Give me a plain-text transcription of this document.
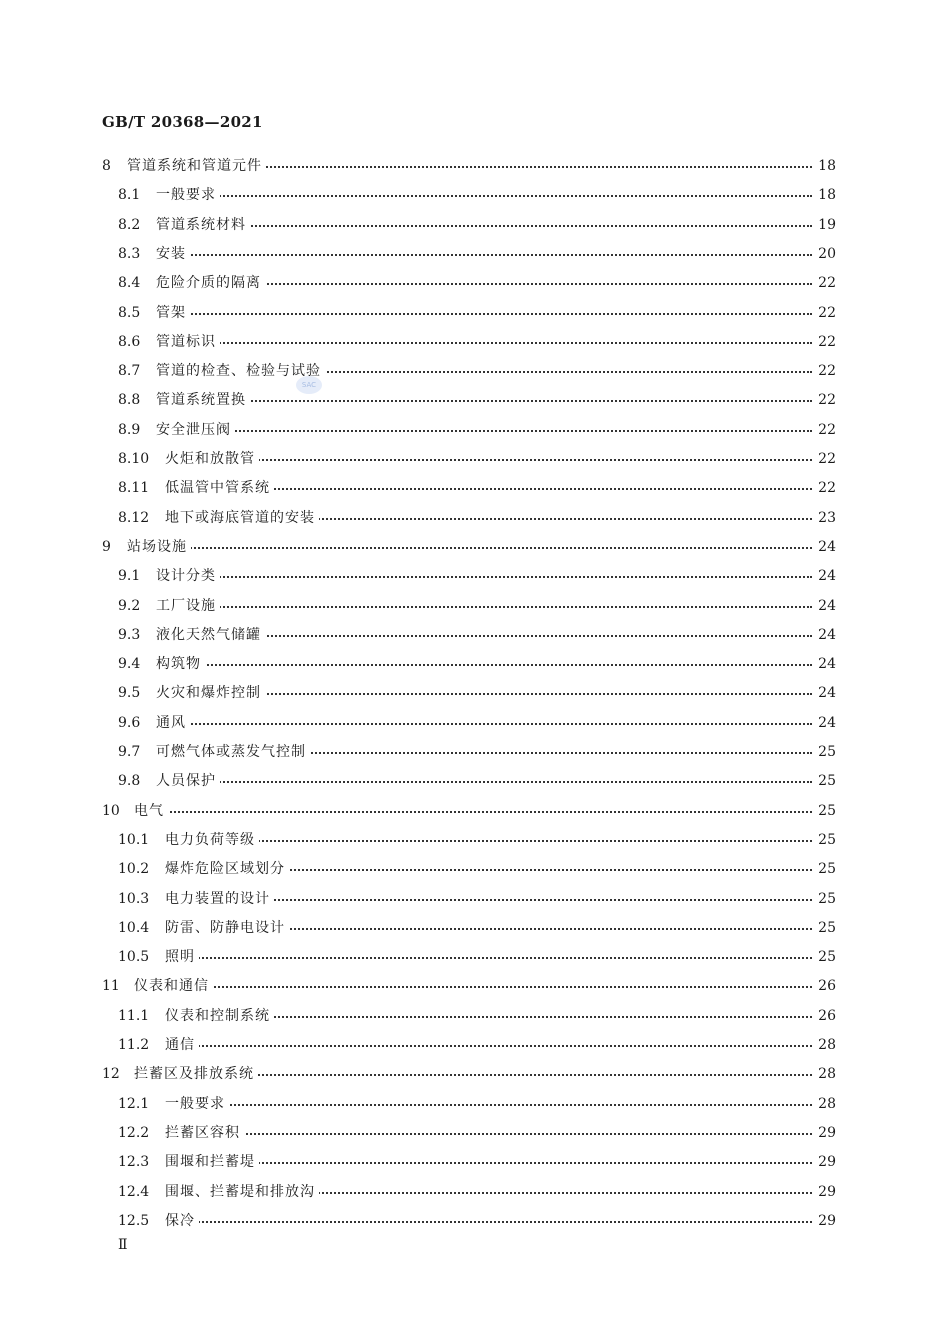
GB/T 20368—2021
SAC
8 管道系统和管道元件	18
8.1 一般要求	18
8.2 管道系统材料	19
8.3 安装	20
8.4 危险介质的隔离	22
8.5 管架	22
8.6 管道标识	22
8.7 管道的检查、检验与试验	22
8.8 管道系统置换	22
8.9 安全泄压阀	22
8.10 火炬和放散管	22
8.11 低温管中管系统	22
8.12 地下或海底管道的安装	23
9 站场设施	24
9.1 设计分类	24
9.2 工厂设施	24
9.3 液化天然气储罐	24
9.4 构筑物	24
9.5 火灾和爆炸控制	24
9.6 通风	24
9.7 可燃气体或蒸发气控制	25
9.8 人员保护	25
10 电气	25
10.1 电力负荷等级	25
10.2 爆炸危险区域划分	25
10.3 电力装置的设计	25
10.4 防雷、防静电设计	25
10.5 照明	25
11 仪表和通信	26
11.1 仪表和控制系统	26
11.2 通信	28
12 拦蓄区及排放系统	28
12.1 一般要求	28
12.2 拦蓄区容积	29
12.3 围堰和拦蓄堤	29
12.4 围堰、拦蓄堤和排放沟	29
12.5 保冷	29
Ⅱ
